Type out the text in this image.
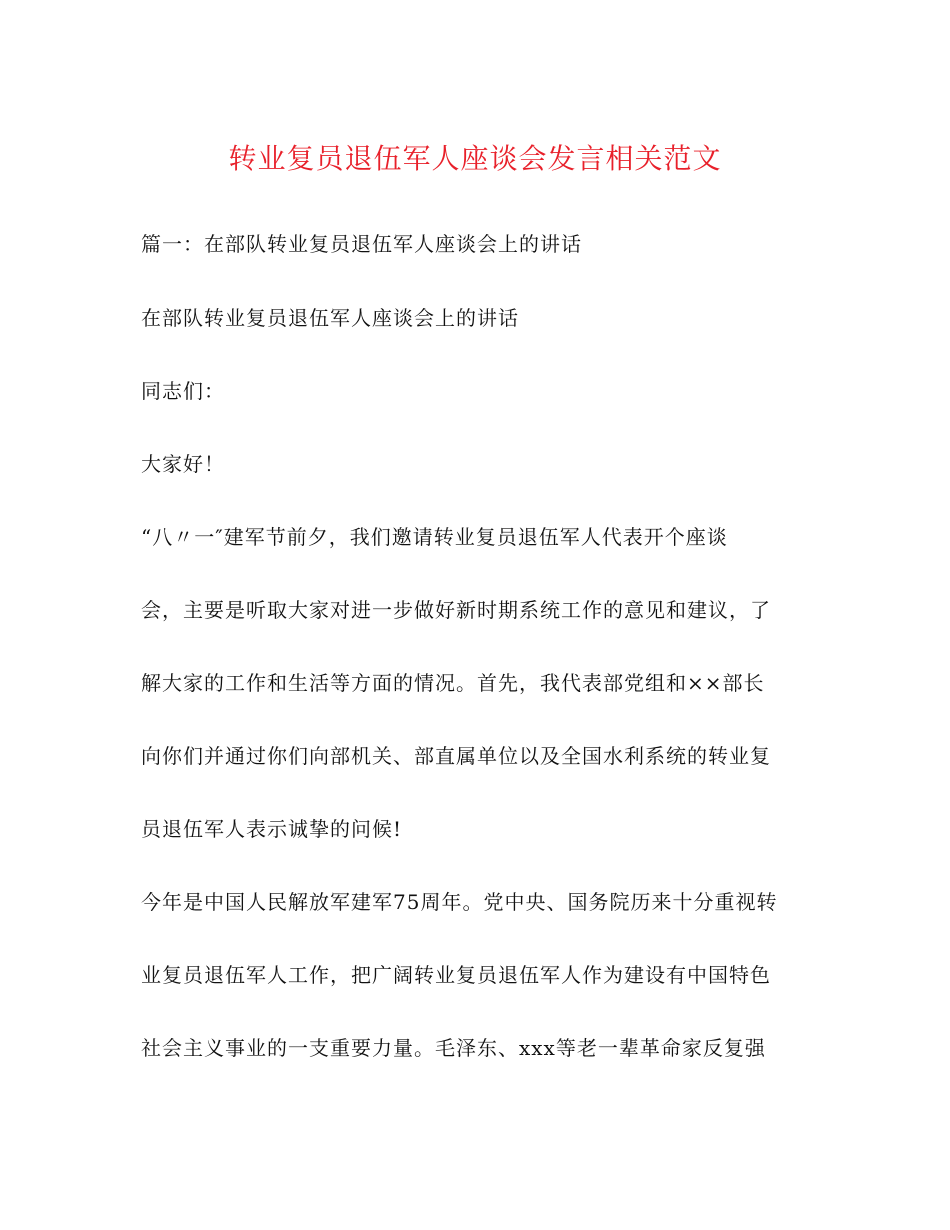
转业复员退伍军人座谈会发言相关范文
篇一：在部队转业复员退伍军人座谈会上的讲话
在部队转业复员退伍军人座谈会上的讲话
同志们：
大家好！
“八〃一″建军节前夕，我们邀请转业复员退伍军人代表开个座谈
会，主要是听取大家对进一步做好新时期系统工作的意见和建议，了
解大家的工作和生活等方面的情况。首先，我代表部党组和××部长
向你们并通过你们向部机关、部直属单位以及全国水利系统的转业复
员退伍军人表示诚挚的问候!
今年是中国人民解放军建军75周年。党中央、国务院历来十分重视转
业复员退伍军人工作，把广阔转业复员退伍军人作为建设有中国特色
社会主义事业的一支重要力量。毛泽东、xxx等老一辈革命家反复强
